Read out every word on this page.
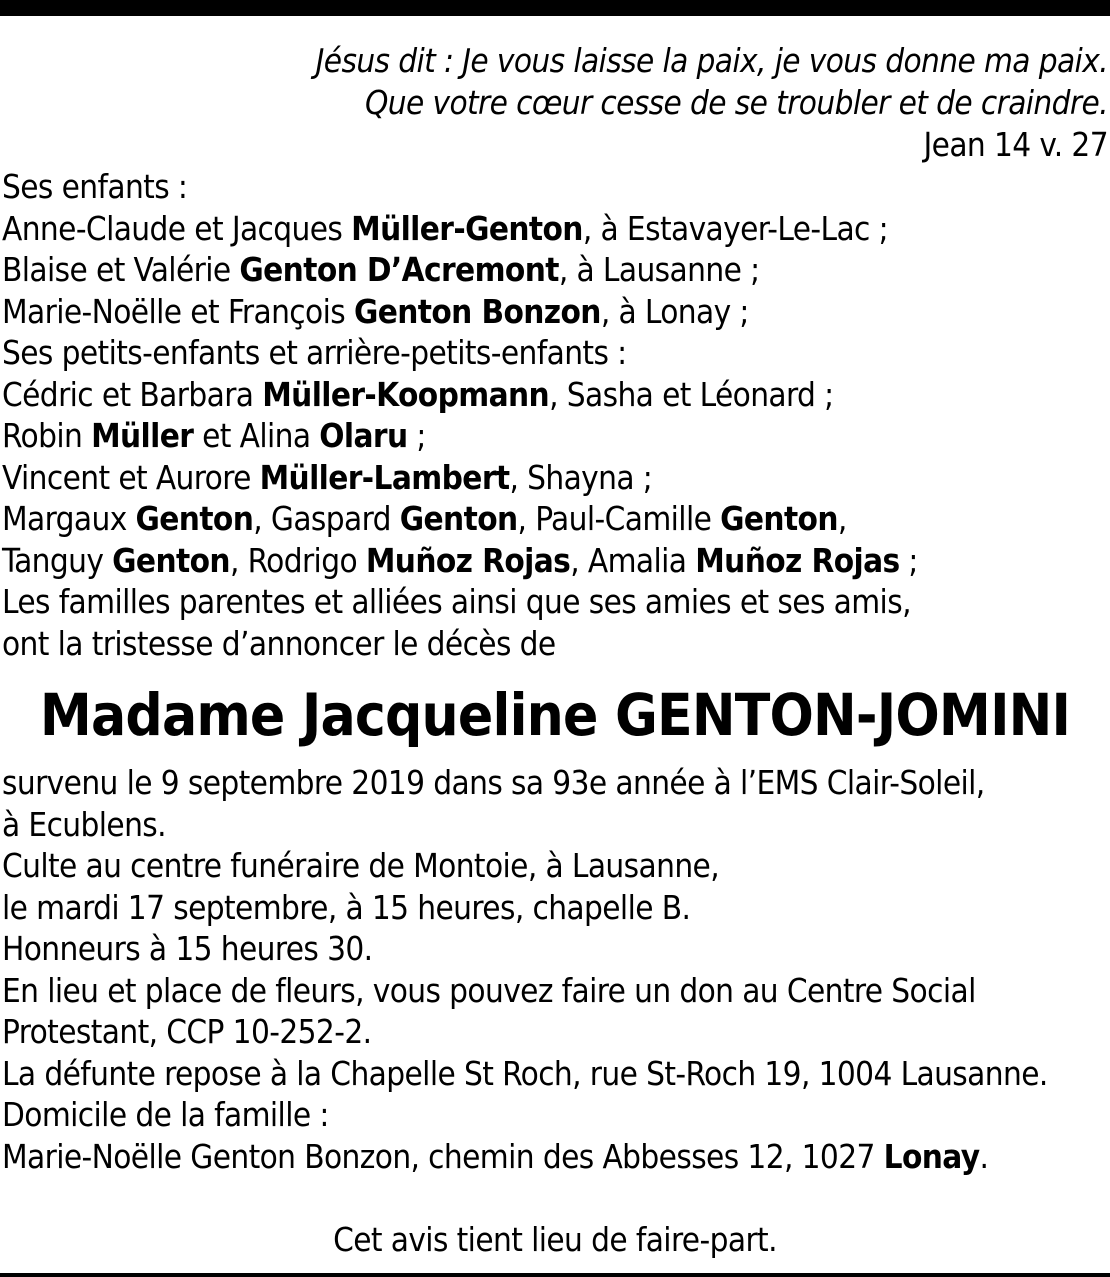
Jésus dit : Je vous laisse la paix, je vous donne ma paix.
Que votre cœur cesse de se troubler et de craindre.
Jean 14 v. 27
Ses enfants :
Anne-Claude et Jacques Müller-Genton, à Estavayer-Le-Lac ;
Blaise et Valérie Genton D’Acremont, à Lausanne ;
Marie-Noëlle et François Genton Bonzon, à Lonay ;
Ses petits-enfants et arrière-petits-enfants :
Cédric et Barbara Müller-Koopmann, Sasha et Léonard ;
Robin Müller et Alina Olaru ;
Vincent et Aurore Müller-Lambert, Shayna ;
Margaux Genton, Gaspard Genton, Paul-Camille Genton,
Tanguy Genton, Rodrigo Muñoz Rojas, Amalia Muñoz Rojas ;
Les familles parentes et alliées ainsi que ses amies et ses amis,
ont la tristesse d’annoncer le décès de
Madame Jacqueline GENTON-JOMINI
survenu le 9 septembre 2019 dans sa 93e année à l’EMS Clair-Soleil,
à Ecublens.
Culte au centre funéraire de Montoie, à Lausanne,
le mardi 17 septembre, à 15 heures, chapelle B.
Honneurs à 15 heures 30.
En lieu et place de fleurs, vous pouvez faire un don au Centre Social
Protestant, CCP 10-252-2.
La défunte repose à la Chapelle St Roch, rue St-Roch 19, 1004 Lausanne.
Domicile de la famille :
Marie-Noëlle Genton Bonzon, chemin des Abbesses 12, 1027 Lonay.
Cet avis tient lieu de faire-part.
